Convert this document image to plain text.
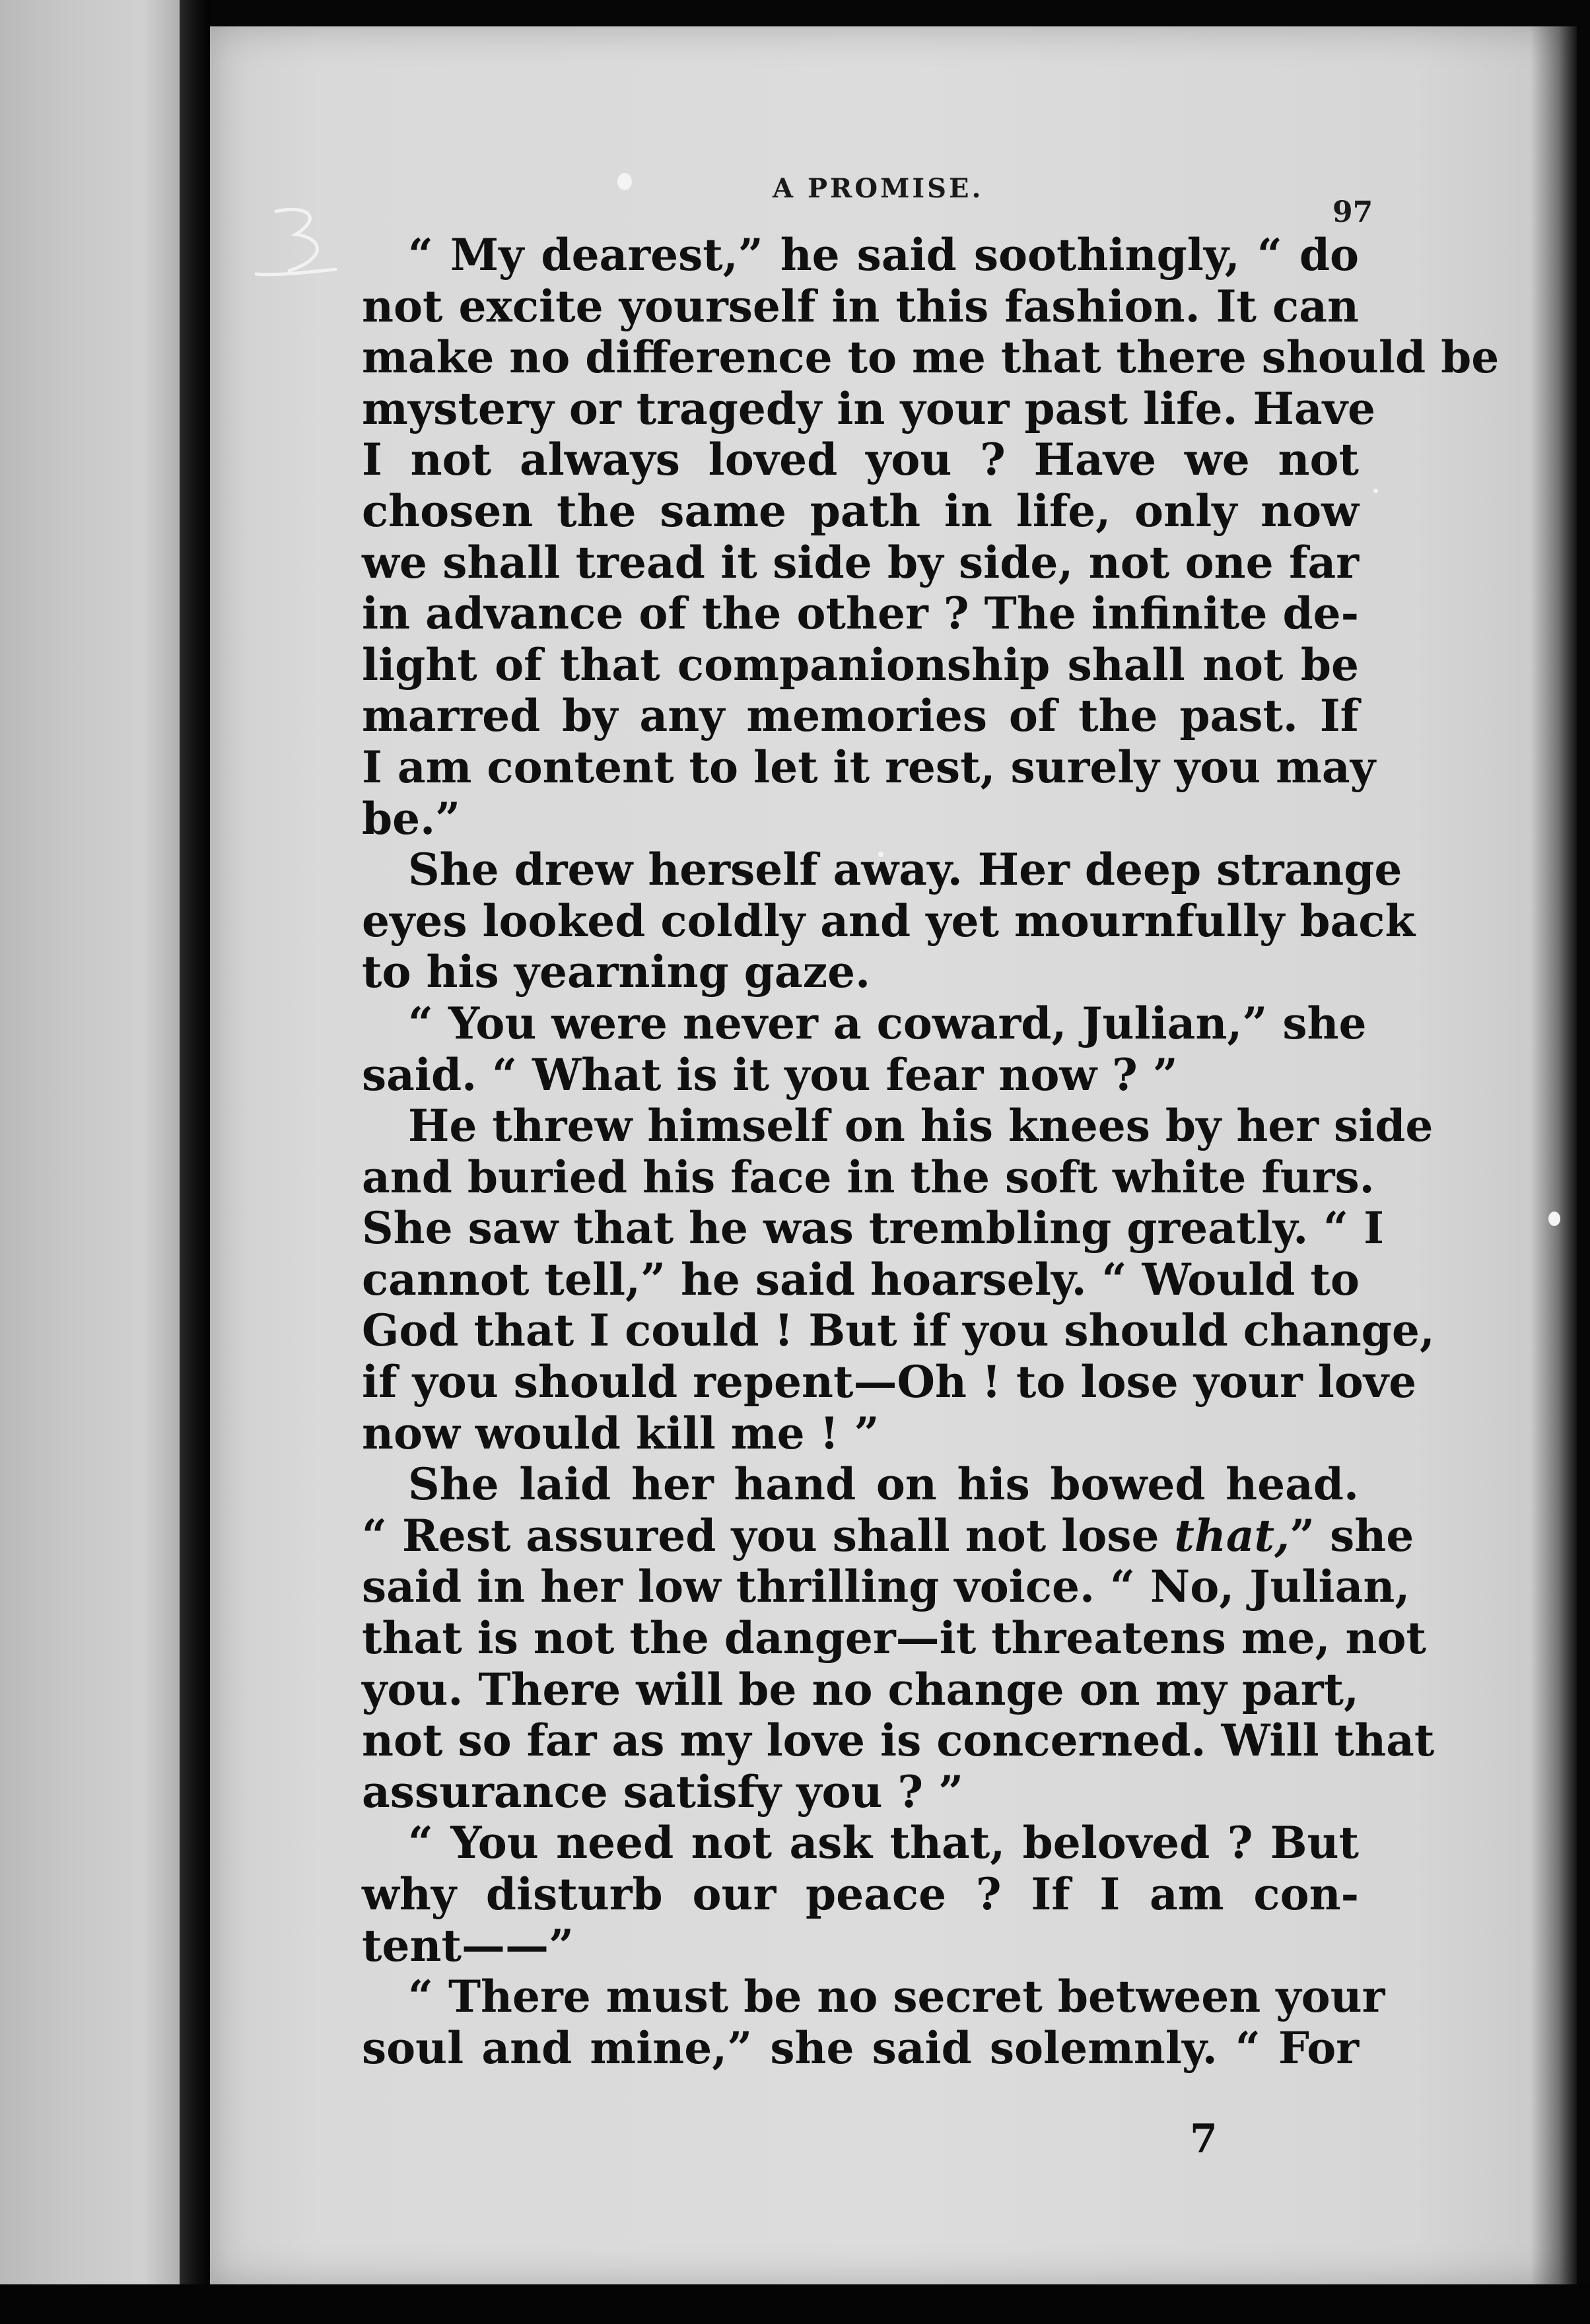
A PROMISE.
97
“ My dearest,” he said soothingly, “ do
not excite yourself in this fashion. It can
make no difference to me that there should be
mystery or tragedy in your past life. Have
I not always loved you ? Have we not
chosen the same path in life, only now
we shall tread it side by side, not one far
in advance of the other ? The infinite de-
light of that companionship shall not be
marred by any memories of the past. If
I am content to let it rest, surely you may
be.”
She drew herself away. Her deep strange
eyes looked coldly and yet mournfully back
to his yearning gaze.
“ You were never a coward, Julian,” she
said. “ What is it you fear now ? ”
He threw himself on his knees by her side
and buried his face in the soft white furs.
She saw that he was trembling greatly. “ I
cannot tell,” he said hoarsely. “ Would to
God that I could ! But if you should change,
if you should repent—Oh ! to lose your love
now would kill me ! ”
She laid her hand on his bowed head.
“ Rest assured you shall not lose that,” she
said in her low thrilling voice. “ No, Julian,
that is not the danger—it threatens me, not
you. There will be no change on my part,
not so far as my love is concerned. Will that
assurance satisfy you ? ”
“ You need not ask that, beloved ? But
why disturb our peace ? If I am con-
tent——”
“ There must be no secret between your
soul and mine,” she said solemnly. “ For
7
